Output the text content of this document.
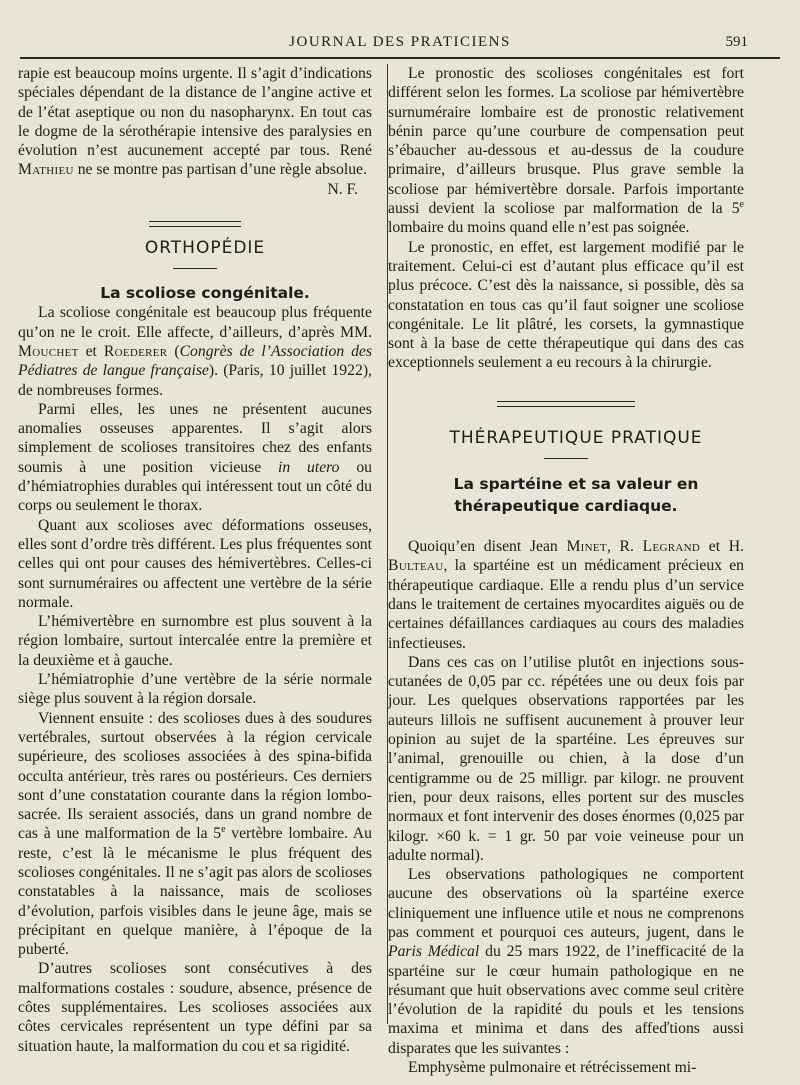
JOURNAL DES PRATICIENS	591

rapie est beaucoup moins urgente. Il s’agit d’indications spéciales dépendant de la distance de l’angine active et de l’état aseptique ou non du nasopharynx. En tout cas le dogme de la sérothérapie intensive des paralysies en évolution n’est aucunement accepté par tous. René Mathieu ne se montre pas partisan d’une règle absolue.

N. F.

ORTHOPÉDIE

La scoliose congénitale.

La scoliose congénitale est beaucoup plus fréquente qu’on ne le croit. Elle affecte, d’ailleurs, d’après MM. Mouchet et Roederer (Congrès de l’Association des Pédiatres de langue française). (Paris, 10 juillet 1922), de nombreuses formes.

Parmi elles, les unes ne présentent aucunes anomalies osseuses apparentes. Il s’agit alors simplement de scolioses transitoires chez des enfants soumis à une position vicieuse in utero ou d’hémiatrophies durables qui intéressent tout un côté du corps ou seulement le thorax.

Quant aux scolioses avec déformations osseuses, elles sont d’ordre très différent. Les plus fréquentes sont celles qui ont pour causes des hémivertèbres. Celles-ci sont surnuméraires ou affectent une vertèbre de la série normale.

L’hémivertèbre en surnombre est plus souvent à la région lombaire, surtout intercalée entre la première et la deuxième et à gauche.

L’hémiatrophie d’une vertèbre de la série normale siège plus souvent à la région dorsale.

Viennent ensuite : des scolioses dues à des soudures vertébrales, surtout observées à la région cervicale supérieure, des scolioses associées à des spina-bifida occulta antérieur, très rares ou postérieurs. Ces derniers sont d’une constatation courante dans la région lombo-sacrée. Ils seraient associés, dans un grand nombre de cas à une malformation de la 5e vertèbre lombaire. Au reste, c’est là le mécanisme le plus fréquent des scolioses congénitales. Il ne s’agit pas alors de scolioses constatables à la naissance, mais de scolioses d’évolution, parfois visibles dans le jeune âge, mais se précipitant en quelque manière, à l’époque de la puberté.

D’autres scolioses sont consécutives à des malformations costales : soudure, absence, présence de côtes supplémentaires. Les scolioses associées aux côtes cervicales représentent un type défini par sa situation haute, la malformation du cou et sa rigidité.

Le pronostic des scolioses congénitales est fort différent selon les formes. La scoliose par hémivertèbre surnuméraire lombaire est de pronostic relativement bénin parce qu’une courbure de compensation peut s’ébaucher au-dessous et au-dessus de la coudure primaire, d’ailleurs brusque. Plus grave semble la scoliose par hémivertèbre dorsale. Parfois importante aussi devient la scoliose par malformation de la 5e lombaire du moins quand elle n’est pas soignée.

Le pronostic, en effet, est largement modifié par le traitement. Celui-ci est d’autant plus efficace qu’il est plus précoce. C’est dès la naissance, si possible, dès sa constatation en tous cas qu’il faut soigner une scoliose congénitale. Le lit plâtré, les corsets, la gymnastique sont à la base de cette thérapeutique qui dans des cas exceptionnels seulement a eu recours à la chirurgie.

THÉRAPEUTIQUE PRATIQUE

La spartéine et sa valeur en thérapeutique cardiaque.

Quoiqu’en disent Jean Minet, R. Legrand et H. Bulteau, la spartéine est un médicament précieux en thérapeutique cardiaque. Elle a rendu plus d’un service dans le traitement de certaines myocardites aiguës ou de certaines défaillances cardiaques au cours des maladies infectieuses.

Dans ces cas on l’utilise plutôt en injections sous-cutanées de 0,05 par cc. répétées une ou deux fois par jour. Les quelques observations rapportées par les auteurs lillois ne suffisent aucunement à prouver leur opinion au sujet de la spartéine. Les épreuves sur l’animal, grenouille ou chien, à la dose d’un centigramme ou de 25 milligr. par kilogr. ne prouvent rien, pour deux raisons, elles portent sur des muscles normaux et font intervenir des doses énormes (0,025 par kilogr. ×60 k. = 1 gr. 50 par voie veineuse pour un adulte normal).

Les observations pathologiques ne comportent aucune des observations où la spartéine exerce cliniquement une influence utile et nous ne comprenons pas comment et pourquoi ces auteurs, jugent, dans le Paris Médical du 25 mars 1922, de l’inefficacité de la spartéine sur le cœur humain pathologique en ne résumant que huit observations avec comme seul critère l’évolution de la rapidité du pouls et les tensions maxima et minima et dans des affeďtions aussi disparates que les suivantes :

Emphysème pulmonaire et rétrécissement mi-
